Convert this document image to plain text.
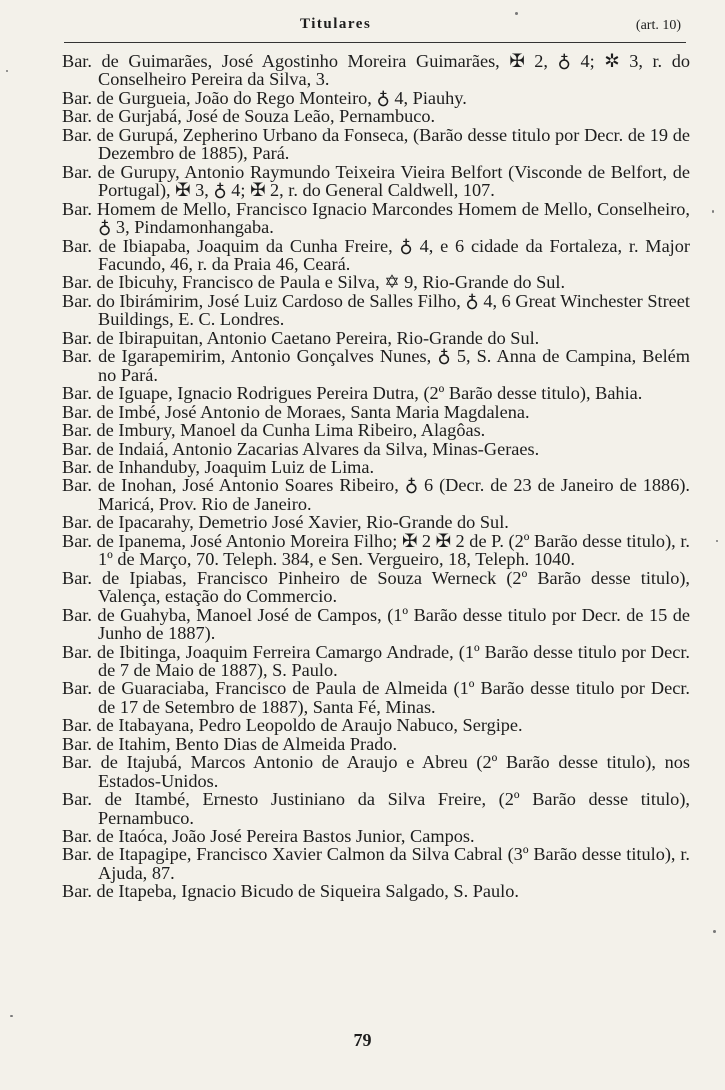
Titulares	(art. 10)
Bar. de Guimarães, José Agostinho Moreira Guimarães, ✠ 2, ♁ 4; ✲ 3, r. do Conselheiro Pereira da Silva, 3.
Bar. de Gurgueia, João do Rego Monteiro, ♁ 4, Piauhy.
Bar. de Gurjabá, José de Souza Leão, Pernambuco.
Bar. de Gurupá, Zepherino Urbano da Fonseca, (Barão desse titulo por Decr. de 19 de Dezembro de 1885), Pará.
Bar. de Gurupy, Antonio Raymundo Teixeira Vieira Belfort (Visconde de Belfort, de Portugal), ✠ 3, ♁ 4; ✠ 2, r. do General Caldwell, 107.
Bar. Homem de Mello, Francisco Ignacio Marcondes Homem de Mello, Conselheiro, ♁ 3, Pindamonhangaba.
Bar. de Ibiapaba, Joaquim da Cunha Freire, ♁ 4, e 6 cidade da Fortaleza, r. Major Facundo, 46, r. da Praia 46, Ceará.
Bar. de Ibicuhy, Francisco de Paula e Silva, ✡ 9, Rio-Grande do Sul.
Bar. do Ibirámirim, José Luiz Cardoso de Salles Filho, ♁ 4, 6 Great Winchester Street Buildings, E. C. Londres.
Bar. de Ibirapuitan, Antonio Caetano Pereira, Rio-Grande do Sul.
Bar. de Igarapemirim, Antonio Gonçalves Nunes, ♁ 5, S. Anna de Campina, Belém no Pará.
Bar. de Iguape, Ignacio Rodrigues Pereira Dutra, (2º Barão desse titulo), Bahia.
Bar. de Imbé, José Antonio de Moraes, Santa Maria Magdalena.
Bar. de Imbury, Manoel da Cunha Lima Ribeiro, Alagôas.
Bar. de Indaiá, Antonio Zacarias Alvares da Silva, Minas-Geraes.
Bar. de Inhanduby, Joaquim Luiz de Lima.
Bar. de Inohan, José Antonio Soares Ribeiro, ♁ 6 (Decr. de 23 de Janeiro de 1886). Maricá, Prov. Rio de Janeiro.
Bar. de Ipacarahy, Demetrio José Xavier, Rio-Grande do Sul.
Bar. de Ipanema, José Antonio Moreira Filho; ✠ 2 ✠ 2 de P. (2º Barão desse titulo), r. 1º de Março, 70. Teleph. 384, e Sen. Vergueiro, 18, Teleph. 1040.
Bar. de Ipiabas, Francisco Pinheiro de Souza Werneck (2º Barão desse titulo), Valença, estação do Commercio.
Bar. de Guahyba, Manoel José de Campos, (1º Barão desse titulo por Decr. de 15 de Junho de 1887).
Bar. de Ibitinga, Joaquim Ferreira Camargo Andrade, (1º Barão desse titulo por Decr. de 7 de Maio de 1887), S. Paulo.
Bar. de Guaraciaba, Francisco de Paula de Almeida (1º Barão desse titulo por Decr. de 17 de Setembro de 1887), Santa Fé, Minas.
Bar. de Itabayana, Pedro Leopoldo de Araujo Nabuco, Sergipe.
Bar. de Itahim, Bento Dias de Almeida Prado.
Bar. de Itajubá, Marcos Antonio de Araujo e Abreu (2º Barão desse titulo), nos Estados-Unidos.
Bar. de Itambé, Ernesto Justiniano da Silva Freire, (2º Barão desse titulo), Pernambuco.
Bar. de Itaóca, João José Pereira Bastos Junior, Campos.
Bar. de Itapagipe, Francisco Xavier Calmon da Silva Cabral (3º Barão desse titulo), r. Ajuda, 87.
Bar. de Itapeba, Ignacio Bicudo de Siqueira Salgado, S. Paulo.
79
